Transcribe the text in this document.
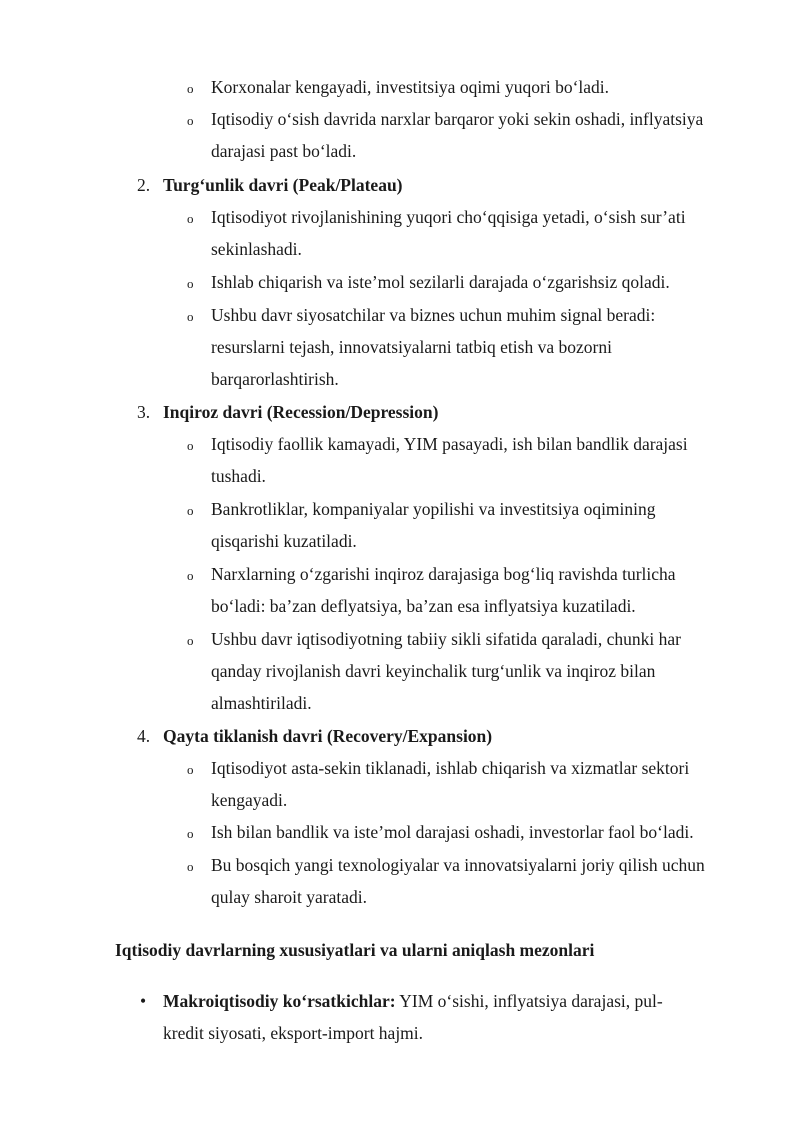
o Korxonalar kengayadi, investitsiya oqimi yuqori bo‘ladi.
o Iqtisodiy o‘sish davrida narxlar barqaror yoki sekin oshadi, inflyatsiya
darajasi past bo‘ladi.
2. Turg‘unlik davri (Peak/Plateau)
o Iqtisodiyot rivojlanishining yuqori cho‘qqisiga yetadi, o‘sish sur’ati
sekinlashadi.
o Ishlab chiqarish va iste’mol sezilarli darajada o‘zgarishsiz qoladi.
o Ushbu davr siyosatchilar va biznes uchun muhim signal beradi:
resurslarni tejash, innovatsiyalarni tatbiq etish va bozorni
barqarorlashtirish.
3. Inqiroz davri (Recession/Depression)
o Iqtisodiy faollik kamayadi, YIM pasayadi, ish bilan bandlik darajasi
tushadi.
o Bankrotliklar, kompaniyalar yopilishi va investitsiya oqimining
qisqarishi kuzatiladi.
o Narxlarning o‘zgarishi inqiroz darajasiga bog‘liq ravishda turlicha
bo‘ladi: ba’zan deflyatsiya, ba’zan esa inflyatsiya kuzatiladi.
o Ushbu davr iqtisodiyotning tabiiy sikli sifatida qaraladi, chunki har
qanday rivojlanish davri keyinchalik turg‘unlik va inqiroz bilan
almashtiriladi.
4. Qayta tiklanish davri (Recovery/Expansion)
o Iqtisodiyot asta-sekin tiklanadi, ishlab chiqarish va xizmatlar sektori
kengayadi.
o Ish bilan bandlik va iste’mol darajasi oshadi, investorlar faol bo‘ladi.
o Bu bosqich yangi texnologiyalar va innovatsiyalarni joriy qilish uchun
qulay sharoit yaratadi.
Iqtisodiy davrlarning xususiyatlari va ularni aniqlash mezonlari
• Makroiqtisodiy ko‘rsatkichlar: YIM o‘sishi, inflyatsiya darajasi, pul-
kredit siyosati, eksport-import hajmi.
